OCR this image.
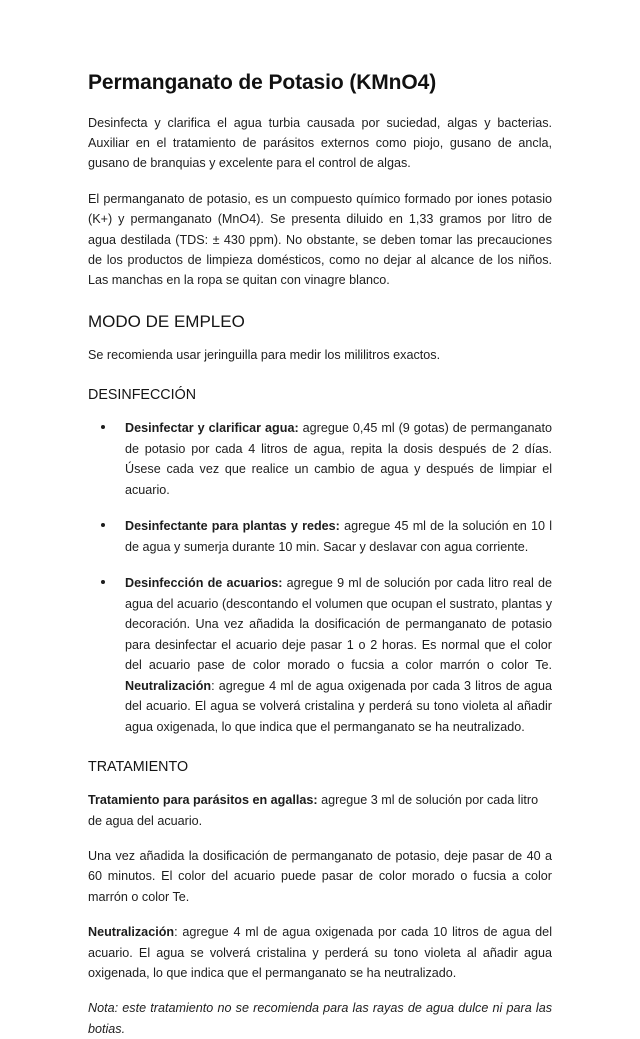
Permanganato de Potasio (KMnO4)

Desinfecta y clarifica el agua turbia causada por suciedad, algas y bacterias. Auxiliar en el tratamiento de parásitos externos como piojo, gusano de ancla, gusano de branquias y excelente para el control de algas.

El permanganato de potasio, es un compuesto químico formado por iones potasio (K+) y permanganato (MnO4). Se presenta diluido en 1,33 gramos por litro de agua destilada (TDS: ± 430 ppm). No obstante, se deben tomar las precauciones de los productos de limpieza domésticos, como no dejar al alcance de los niños. Las manchas en la ropa se quitan con vinagre blanco.

MODO DE EMPLEO

Se recomienda usar jeringuilla para medir los mililitros exactos.

DESINFECCIÓN
Desinfectar y clarificar agua: agregue 0,45 ml (9 gotas) de permanganato de potasio por cada 4 litros de agua, repita la dosis después de 2 días. Úsese cada vez que realice un cambio de agua y después de limpiar el acuario.
Desinfectante para plantas y redes: agregue 45 ml de la solución en 10 l de agua y sumerja durante 10 min. Sacar y deslavar con agua corriente.
Desinfección de acuarios: agregue 9 ml de solución por cada litro real de agua del acuario (descontando el volumen que ocupan el sustrato, plantas y decoración. Una vez añadida la dosificación de permanganato de potasio para desinfectar el acuario deje pasar 1 o 2 horas. Es normal que el color del acuario pase de color morado o fucsia a color marrón o color Te. Neutralización: agregue 4 ml de agua oxigenada por cada 3 litros de agua del acuario. El agua se volverá cristalina y perderá su tono violeta al añadir agua oxigenada, lo que indica que el permanganato se ha neutralizado.
TRATAMIENTO

Tratamiento para parásitos en agallas: agregue 3 ml de solución por cada litro de agua del acuario.

Una vez añadida la dosificación de permanganato de potasio, deje pasar de 40 a 60 minutos. El color del acuario puede pasar de color morado o fucsia a color marrón o color Te.

Neutralización: agregue 4 ml de agua oxigenada por cada 10 litros de agua del acuario. El agua se volverá cristalina y perderá su tono violeta al añadir agua oxigenada, lo que indica que el permanganato se ha neutralizado.

Nota: este tratamiento no se recomienda para las rayas de agua dulce ni para las botias.
